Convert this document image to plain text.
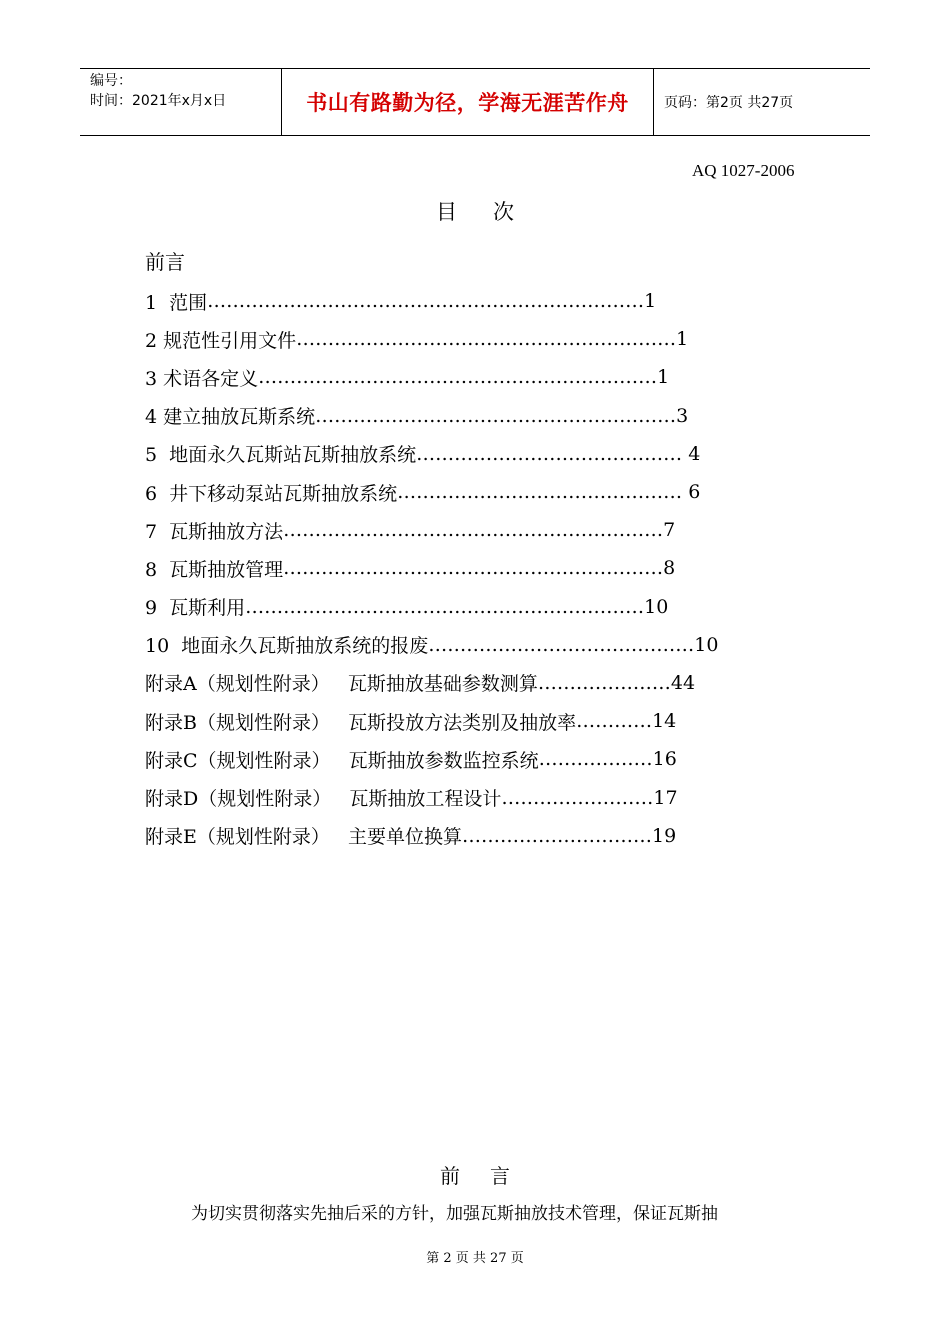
编号：
时间：2021年x月x日	书山有路勤为径，学海无涯苦作舟	页码：第2页 共27页
AQ 1027-2006
目次
前言
1  范围 …………………………………………………………… 1
2 规范性引用文件 …………………………………………………… 1
3 术语各定义 ……………………………………………………… 1
4 建立抽放瓦斯系统 ………………………………………………… 3
5  地面永久瓦斯站瓦斯抽放系统 …………………………………… 4
6  井下移动泵站瓦斯抽放系统 ……………………………………… 6
7  瓦斯抽放方法 …………………………………………………… 7
8  瓦斯抽放管理 …………………………………………………… 8
9  瓦斯利用 ……………………………………………………… 10
10  地面永久瓦斯抽放系统的报废 …………………………………… 10
附录A（规划性附录） 瓦斯抽放基础参数测算 ………………… 44
附录B（规划性附录） 瓦斯投放方法类别及抽放率 ………… 14
附录C（规划性附录） 瓦斯抽放参数监控系统 ……………… 16
附录D（规划性附录） 瓦斯抽放工程设计 …………………… 17
附录E（规划性附录） 主要单位换算 ………………………… 19
前言
为切实贯彻落实先抽后采的方针，加强瓦斯抽放技术管理，保证瓦斯抽
第 2 页 共 27 页
